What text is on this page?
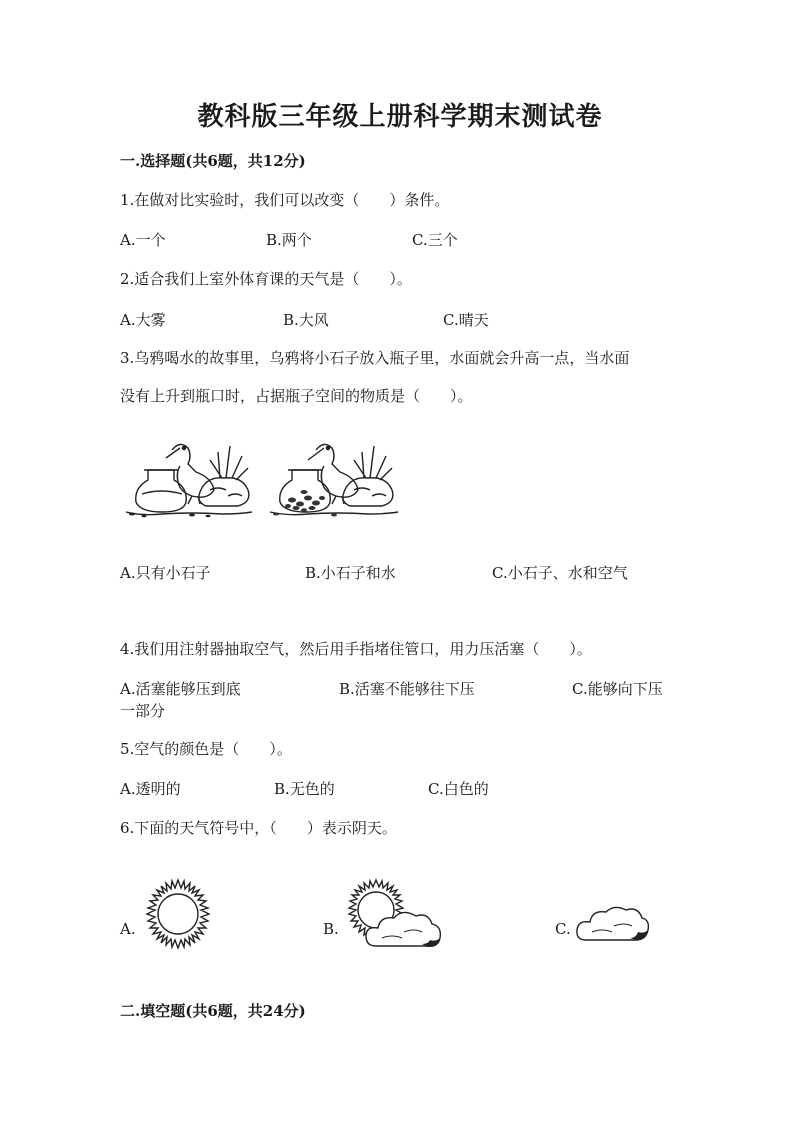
教科版三年级上册科学期末测试卷
一.选择题(共6题，共12分)
1.在做对比实验时，我们可以改变（　　）条件。
A.一个	B.两个	C.三个
2.适合我们上室外体育课的天气是（　　）。
A.大雾	B.大风	C.晴天
3.乌鸦喝水的故事里，乌鸦将小石子放入瓶子里，水面就会升高一点，当水面
没有上升到瓶口时，占据瓶子空间的物质是（　　）。
A.只有小石子	B.小石子和水	C.小石子、水和空气
4.我们用注射器抽取空气，然后用手指堵住管口，用力压活塞（　　）。
A.活塞能够压到底	B.活塞不能够往下压	C.能够向下压
一部分
5.空气的颜色是（　　）。
A.透明的	B.无色的	C.白色的
6.下面的天气符号中，（　　）表示阴天。
A.	B.	C.
二.填空题(共6题，共24分)
